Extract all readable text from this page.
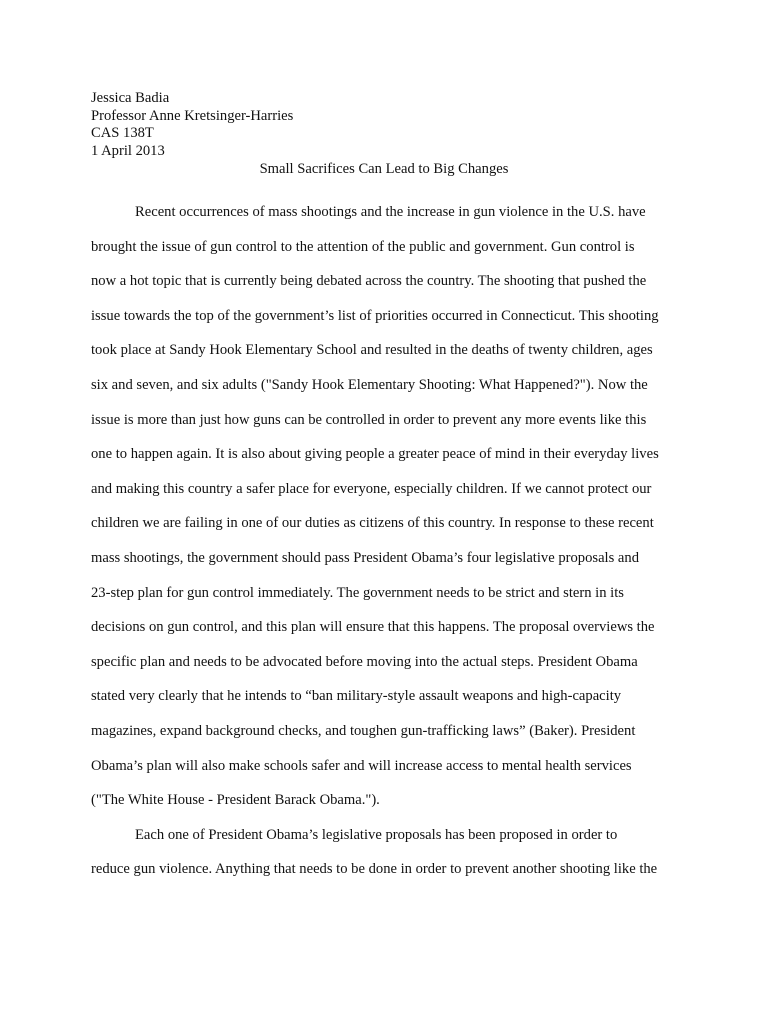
Jessica Badia
Professor Anne Kretsinger-Harries
CAS 138T
1 April 2013
Small Sacrifices Can Lead to Big Changes
Recent occurrences of mass shootings and the increase in gun violence in the U.S. have
brought the issue of gun control to the attention of the public and government. Gun control is
now a hot topic that is currently being debated across the country. The shooting that pushed the
issue towards the top of the government’s list of priorities occurred in Connecticut. This shooting
took place at Sandy Hook Elementary School and resulted in the deaths of twenty children, ages
six and seven, and six adults ("Sandy Hook Elementary Shooting: What Happened?"). Now the
issue is more than just how guns can be controlled in order to prevent any more events like this
one to happen again. It is also about giving people a greater peace of mind in their everyday lives
and making this country a safer place for everyone, especially children. If we cannot protect our
children we are failing in one of our duties as citizens of this country. In response to these recent
mass shootings, the government should pass President Obama’s four legislative proposals and
23-step plan for gun control immediately. The government needs to be strict and stern in its
decisions on gun control, and this plan will ensure that this happens. The proposal overviews the
specific plan and needs to be advocated before moving into the actual steps. President Obama
stated very clearly that he intends to “ban military-style assault weapons and high-capacity
magazines, expand background checks, and toughen gun-trafficking laws” (Baker). President
Obama’s plan will also make schools safer and will increase access to mental health services
("The White House - President Barack Obama.").
Each one of President Obama’s legislative proposals has been proposed in order to
reduce gun violence. Anything that needs to be done in order to prevent another shooting like the
